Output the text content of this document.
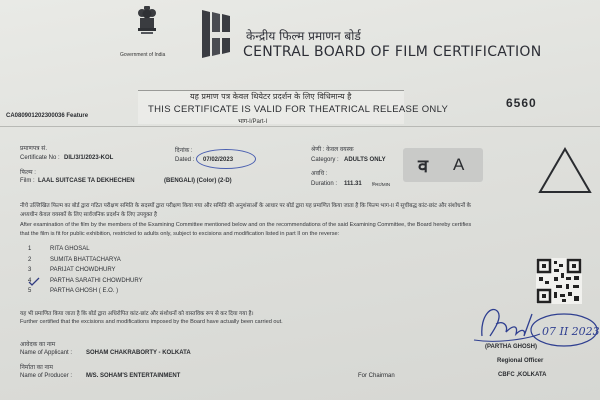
Government of India
केन्द्रीय फिल्म प्रमाणन बोर्ड
CENTRAL BOARD OF FILM CERTIFICATION
यह प्रमाण पत्र केवल थियेटर प्रदर्शन के लिए विधिमान्य है
THIS CERTIFICATE IS VALID FOR THEATRICAL RELEASE ONLY
भाग-I/Part-I
CA080901202300036 Feature
6560
प्रमाणपत्र सं.
Certificate No : DIL/3/1/2023-KOL
दिनांक :
Dated : 07/02/2023
श्रेणी : केवल वयस्क
Category : ADULTS ONLY
अवधि :
Duration : 111.31 मिनट/MIN
फिल्म :
Film : LAAL SUITCASE TA DEKHECHEN	(BENGALI) (Color) (2-D)
व A
नीचे उल्लिखित फिल्म का बोर्ड द्वारा गठित परीक्षण समिति के सदस्यों द्वारा परीक्षण किया गया और समिति की अनुशंसाओं के आधार पर बोर्ड द्वारा यह प्रमाणित किया जाता है कि फिल्म भाग-II में सूचीबद्ध कांट-छांट और संशोधनों के
अध्यधीन केवल वयस्कों के लिए सार्वजनिक प्रदर्शन के लिए उपयुक्त है
After examination of the film by the members of the Examining Committee mentioned below and on the recommendations of the said Examining Committee, the Board hereby certifies
that the film is fit for public exhibition, restricted to adults only, subject to excisions and modification listed in part II on the reverse:
1	RITA GHOSAL
2	SUMITA BHATTACHARYA
3	PARIJAT CHOWDHURY
4	PARTHA SARATHI CHOWDHURY
5	PARTHA GHOSH ( E.O. )
यह भी प्रमाणित किया जाता है कि बोर्ड द्वारा अधिरोपित कांट-छांट और संशोधनों को वास्तविक रूप से कर दिया गया है।
Further certified that the excisions and modifications imposed by the Board have actually been carried out.
07 II 2023
आवेदक का नाम
Name of Applicant : SOHAM CHAKRABORTY - KOLKATA
निर्माता का नाम
Name of Producer : M/S. SOHAM'S ENTERTAINMENT	For Chairman
(PARTHA GHOSH)
Regional Officer
CBFC ,KOLKATA
